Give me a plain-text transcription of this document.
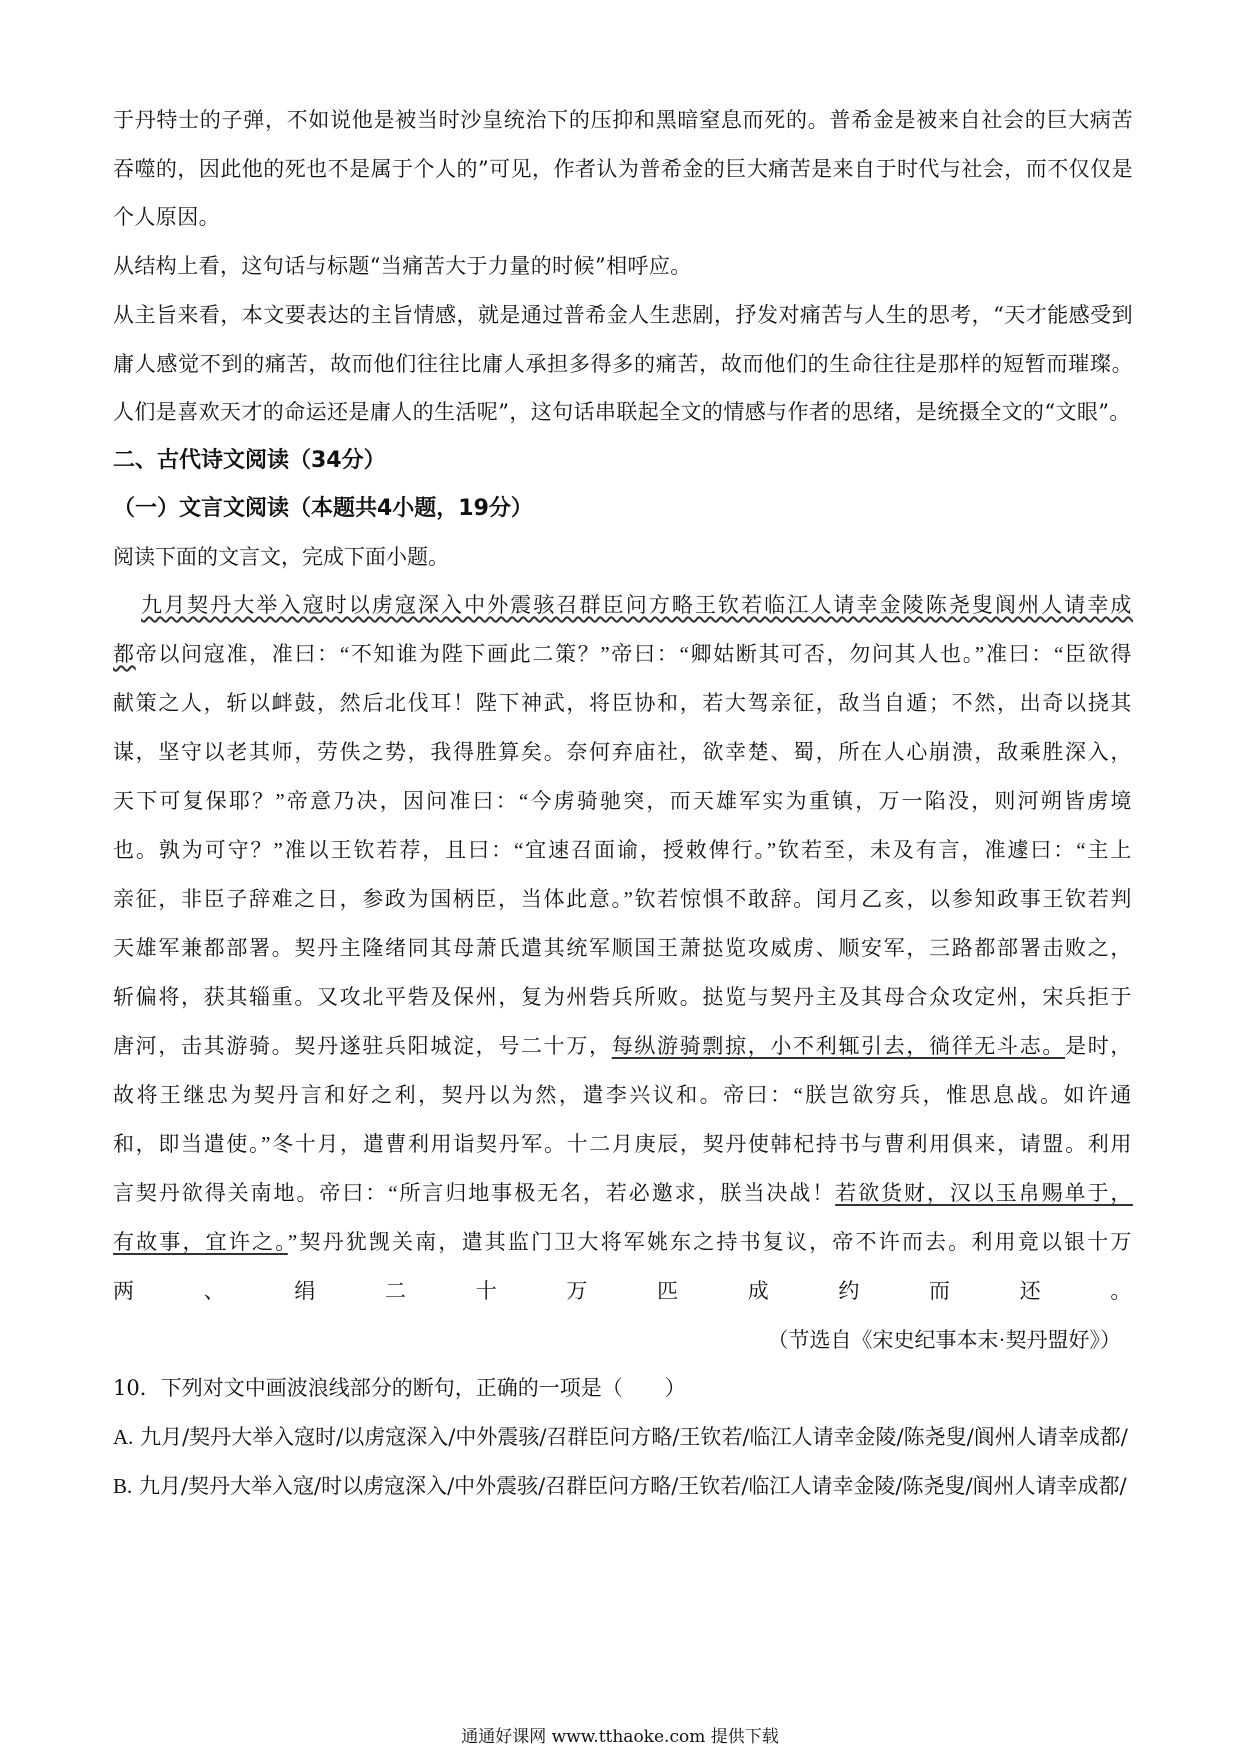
于丹特士的子弹，不如说他是被当时沙皇统治下的压抑和黑暗窒息而死的。普希金是被来自社会的巨大病苦吞噬的，因此他的死也不是属于个人的”可见，作者认为普希金的巨大痛苦是来自于时代与社会，而不仅仅是个人原因。

从结构上看，这句话与标题“当痛苦大于力量的时候”相呼应。

从主旨来看，本文要表达的主旨情感，就是通过普希金人生悲剧，抒发对痛苦与人生的思考，“天才能感受到庸人感觉不到的痛苦，故而他们往往比庸人承担多得多的痛苦，故而他们的生命往往是那样的短暂而璀璨。人们是喜欢天才的命运还是庸人的生活呢”，这句话串联起全文的情感与作者的思绪，是统摄全文的“文眼”。

二、古代诗文阅读（34分）

（一）文言文阅读（本题共4小题，19分）

阅读下面的文言文，完成下面小题。

九月契丹大举入寇时以虏寇深入中外震骇召群臣问方略王钦若临江人请幸金陵陈尧叟阆州人请幸成都帝以问寇准，准曰：“不知谁为陛下画此二策？”帝曰：“卿姑断其可否，勿问其人也。”准曰：“臣欲得献策之人，斩以衅鼓，然后北伐耳！陛下神武，将臣协和，若大驾亲征，敌当自遁；不然，出奇以挠其谋，坚守以老其师，劳佚之势，我得胜算矣。奈何弃庙社，欲幸楚、蜀，所在人心崩溃，敌乘胜深入，天下可复保耶？”帝意乃决，因问准曰：“今虏骑驰突，而天雄军实为重镇，万一陷没，则河朔皆虏境也。孰为可守？”准以王钦若荐，且曰：“宜速召面谕，授敕俾行。”钦若至，未及有言，准遽曰：“主上亲征，非臣子辞难之日，参政为国柄臣，当体此意。”钦若惊惧不敢辞。闰月乙亥，以参知政事王钦若判天雄军兼都部署。契丹主隆绪同其母萧氏遣其统军顺国王萧挞览攻威虏、顺安军，三路都部署击败之，斩偏将，获其辎重。又攻北平砦及保州，复为州砦兵所败。挞览与契丹主及其母合众攻定州，宋兵拒于唐河，击其游骑。契丹遂驻兵阳城淀，号二十万，每纵游骑剽掠，小不利辄引去，徜徉无斗志。是时，故将王继忠为契丹言和好之利，契丹以为然，遣李兴议和。帝曰：“朕岂欲穷兵，惟思息战。如许通和，即当遣使。”冬十月，遣曹利用诣契丹军。十二月庚辰，契丹使韩杞持书与曹利用俱来，请盟。利用言契丹欲得关南地。帝曰：“所言归地事极无名，若必邀求，朕当决战！若欲货财，汉以玉帛赐单于，有故事，宜许之。”契丹犹觊关南，遣其监门卫大将军姚东之持书复议，帝不许而去。利用竟以银十万两、绢二十万匹成约而还。

（节选自《宋史纪事本末·契丹盟好》）

10．下列对文中画波浪线部分的断句，正确的一项是（　　）

A. 九月/契丹大举入寇时/以虏寇深入/中外震骇/召群臣问方略/王钦若/临江人请幸金陵/陈尧叟/阆州人请幸成都/

B. 九月/契丹大举入寇/时以虏寇深入/中外震骇/召群臣问方略/王钦若/临江人请幸金陵/陈尧叟/阆州人请幸成都/

通通好课网 www.tthaoke.com 提供下载
